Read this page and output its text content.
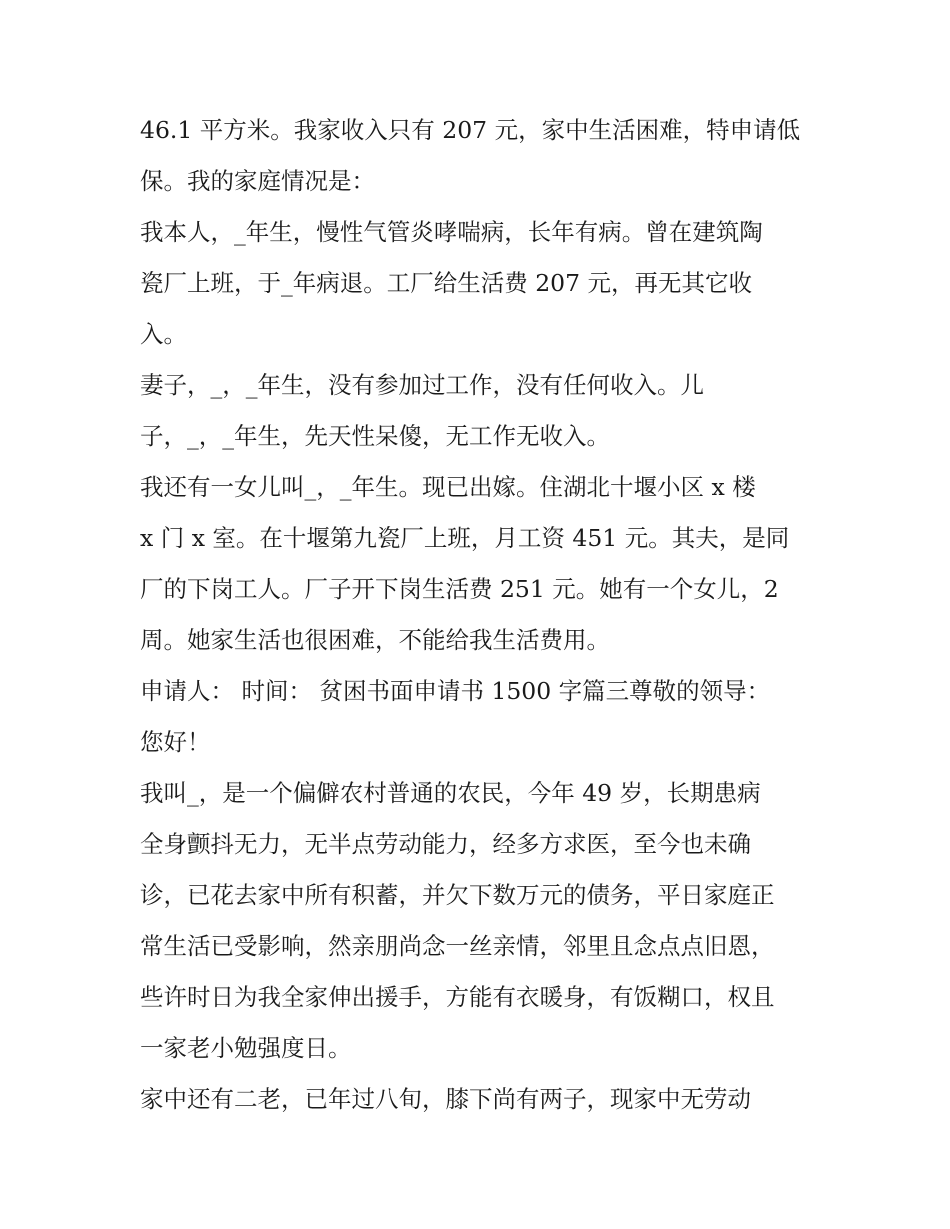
46.1 平方米。我家收入只有 207 元，家中生活困难，特申请低
保。我的家庭情况是：
我本人，_年生，慢性气管炎哮喘病，长年有病。曾在建筑陶
瓷厂上班，于_年病退。工厂给生活费 207 元，再无其它收
入。
妻子，_，_年生，没有参加过工作，没有任何收入。儿
子，_，_年生，先天性呆傻，无工作无收入。
我还有一女儿叫_，_年生。现已出嫁。住湖北十堰小区 x 楼
x 门 x 室。在十堰第九瓷厂上班，月工资 451 元。其夫，是同
厂的下岗工人。厂子开下岗生活费 251 元。她有一个女儿，2
周。她家生活也很困难，不能给我生活费用。
申请人： 时间： 贫困书面申请书 1500 字篇三尊敬的领导：
您好！
我叫_，是一个偏僻农村普通的农民，今年 49 岁，长期患病
全身颤抖无力，无半点劳动能力，经多方求医，至今也未确
诊，已花去家中所有积蓄，并欠下数万元的债务，平日家庭正
常生活已受影响，然亲朋尚念一丝亲情，邻里且念点点旧恩，
些许时日为我全家伸出援手，方能有衣暖身，有饭糊口，权且
一家老小勉强度日。
家中还有二老，已年过八旬，膝下尚有两子，现家中无劳动
